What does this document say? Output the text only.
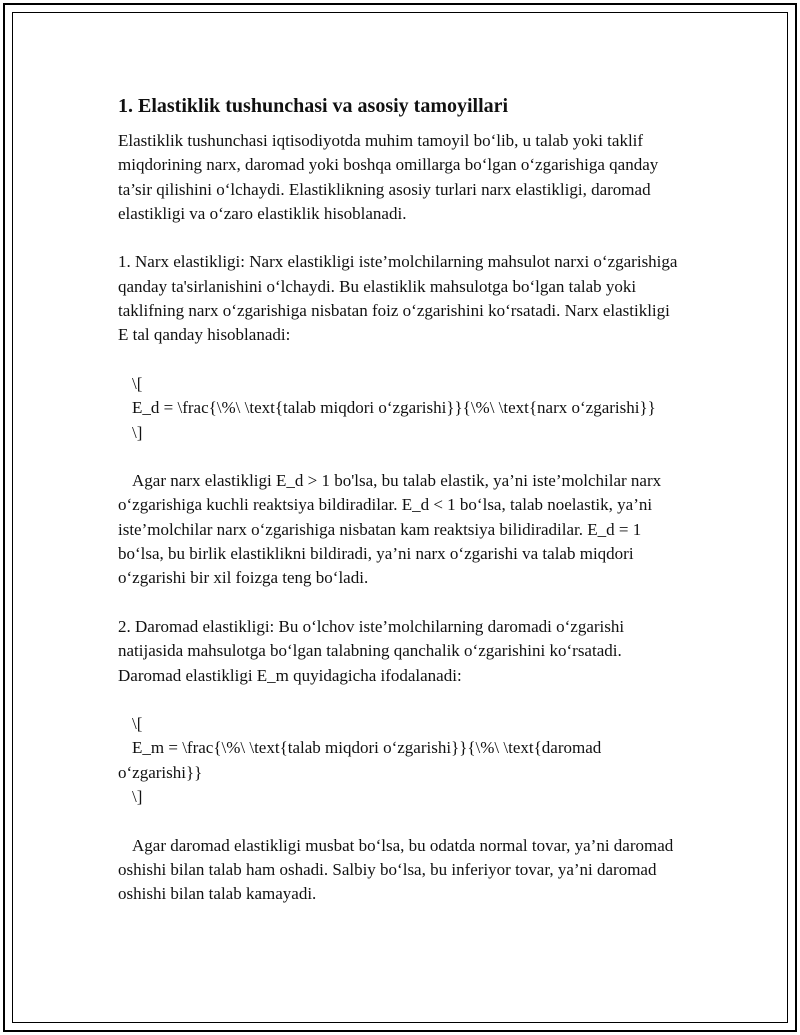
1. Elastiklik tushunchasi va asosiy tamoyillari

Elastiklik tushunchasi iqtisodiyotda muhim tamoyil bo‘lib, u talab yoki taklif miqdorining narx, daromad yoki boshqa omillarga bo‘lgan o‘zgarishiga qanday ta’sir qilishini o‘lchaydi. Elastiklikning asosiy turlari narx elastikligi, daromad elastikligi va o‘zaro elastiklik hisoblanadi.

1. Narx elastikligi: Narx elastikligi iste’molchilarning mahsulot narxi o‘zgarishiga qanday ta'sirlanishini o‘lchaydi. Bu elastiklik mahsulotga bo‘lgan talab yoki taklifning narx o‘zgarishiga nisbatan foiz o‘zgarishini ko‘rsatadi. Narx elastikligi E tal qanday hisoblanadi:

\[

E_d = \frac{\%\ \text{talab miqdori o‘zgarishi}}{\%\ \text{narx o‘zgarishi}}

\]

Agar narx elastikligi E_d > 1 bo'lsa, bu talab elastik, ya’ni iste’molchilar narx o‘zgarishiga kuchli reaktsiya bildiradilar. E_d < 1 bo‘lsa, talab noelastik, ya’ni iste’molchilar narx o‘zgarishiga nisbatan kam reaktsiya bilidiradilar. E_d = 1 bo‘lsa, bu birlik elastiklikni bildiradi, ya’ni narx o‘zgarishi va talab miqdori o‘zgarishi bir xil foizga teng bo‘ladi.

2. Daromad elastikligi: Bu o‘lchov iste’molchilarning daromadi o‘zgarishi natijasida mahsulotga bo‘lgan talabning qanchalik o‘zgarishini ko‘rsatadi. Daromad elastikligi E_m quyidagicha ifodalanadi:

\[

E_m = \frac{\%\ \text{talab miqdori o‘zgarishi}}{\%\ \text{daromad o‘zgarishi}}

\]

Agar daromad elastikligi musbat bo‘lsa, bu odatda normal tovar, ya’ni daromad oshishi bilan talab ham oshadi. Salbiy bo‘lsa, bu inferiyor tovar, ya’ni daromad oshishi bilan talab kamayadi.
